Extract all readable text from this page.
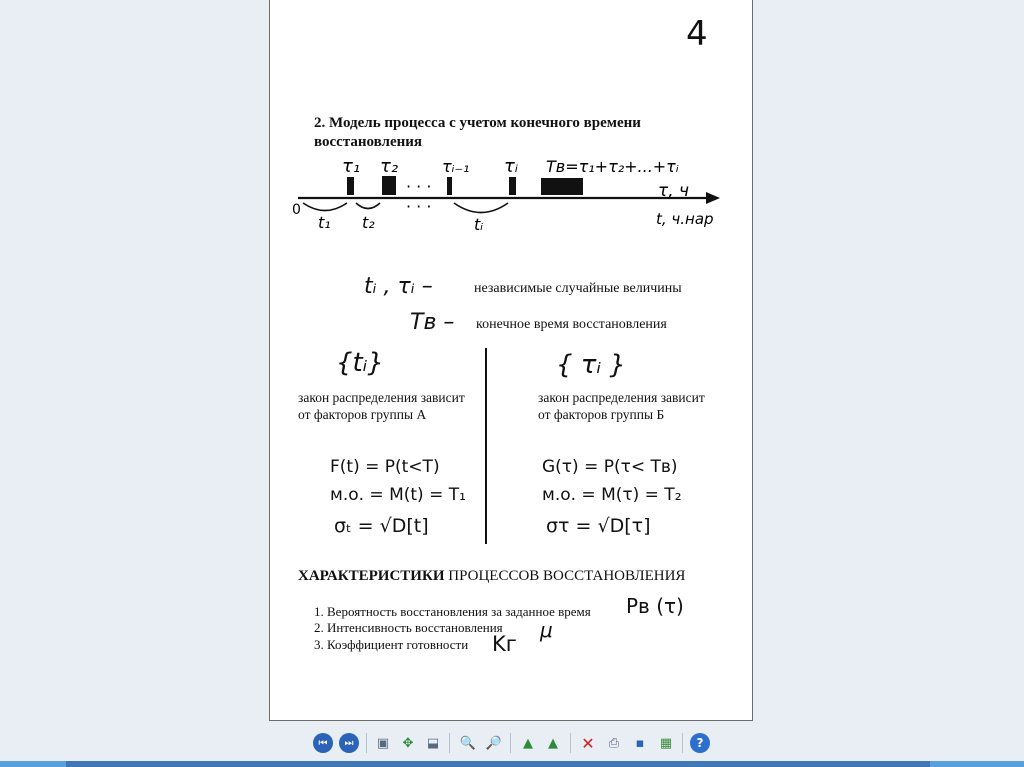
4
2. Модель процесса с учетом конечного времени
восстановления
0
τ₁ τ₂	τᵢ₋₁ τᵢ
· · ·
· · ·
Tв=τ₁+τ₂+...+τᵢ
τ, ч
t, ч.нар
t₁ t₂	tᵢ
tᵢ , τᵢ –	независимые случайные величины
Tв – конечное время восстановления
{tᵢ}
закон распределения зависит от факторов группы А
F(t) = P(t<T)
м.о. = M(t) = T₁
σₜ = √D[t]
{ τᵢ }
закон распределения зависит от факторов группы Б
G(τ) = P(τ< Tв)
м.о. = M(τ) = T₂
στ = √D[τ]
ХАРАКТЕРИСТИКИ ПРОЦЕССОВ ВОССТАНОВЛЕНИЯ
1. Вероятность восстановления за заданное время Pв (τ)
2. Интенсивность восстановления μ
3. Коэффициент готовности Kг
⏮	⏭	▣	✥	⬓ 🔍 🔎	▲	▲	✕	⎙	▪	▦	?
